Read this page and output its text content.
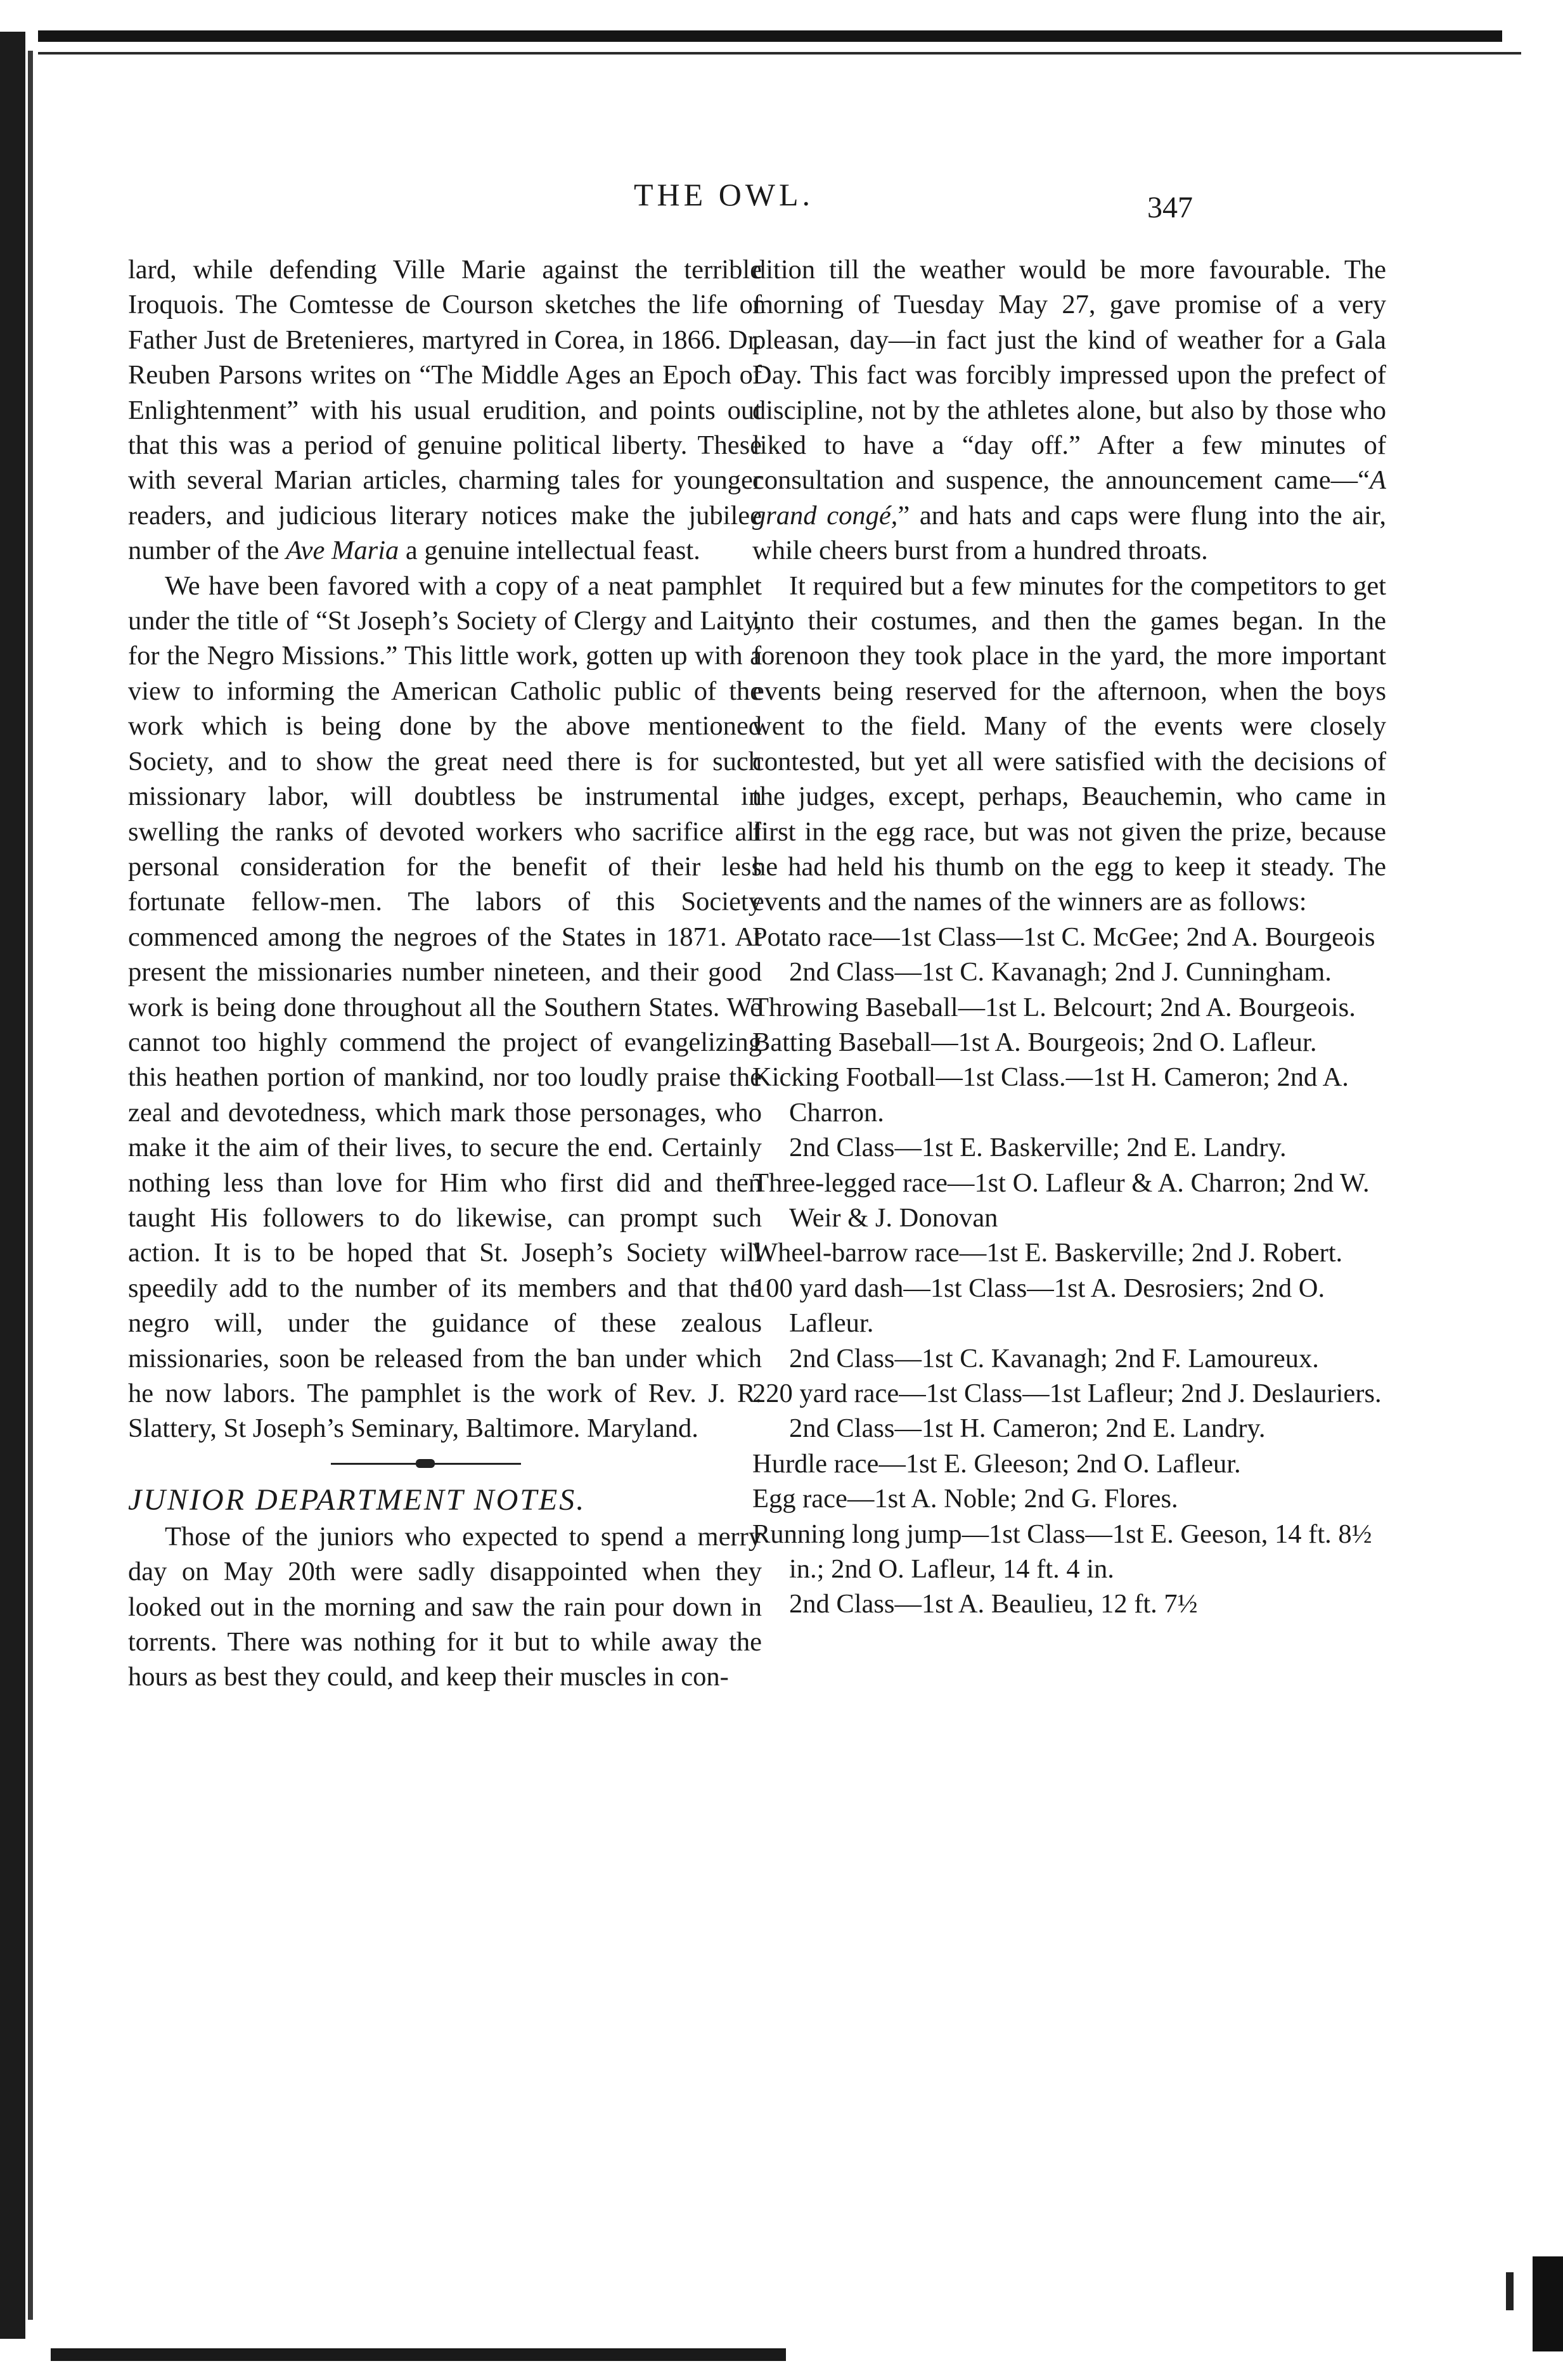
THE OWL.	347

lard, while defending Ville Marie against the terrible Iroquois. The Comtesse de Courson sketches the life of Father Just de Bretenieres, martyred in Corea, in 1866. Dr. Reuben Parsons writes on “The Middle Ages an Epoch of Enlightenment” with his usual erudition, and points out that this was a period of genuine political liberty. These with several Marian articles, charming tales for younger readers, and judicious literary notices make the jubilee number of the Ave Maria a genuine intellectual feast.

We have been favored with a copy of a neat pamphlet under the title of “St Joseph’s Society of Clergy and Laity, for the Negro Missions.” This little work, gotten up with a view to informing the American Catholic public of the work which is being done by the above mentioned Society, and to show the great need there is for such missionary labor, will doubtless be instrumental in swelling the ranks of devoted workers who sacrifice all personal consideration for the benefit of their less fortunate fellow-men. The labors of this Society commenced among the negroes of the States in 1871. At present the missionaries number nineteen, and their good work is being done throughout all the Southern States. We cannot too highly commend the project of evangelizing this heathen portion of mankind, nor too loudly praise the zeal and devotedness, which mark those personages, who make it the aim of their lives, to secure the end. Certainly nothing less than love for Him who first did and then taught His followers to do likewise, can prompt such action. It is to be hoped that St. Joseph’s Society will speedily add to the number of its members and that the negro will, under the guidance of these zealous missionaries, soon be released from the ban under which he now labors. The pamphlet is the work of Rev. J. R. Slattery, St Joseph’s Seminary, Baltimore. Maryland.

JUNIOR DEPARTMENT NOTES.

Those of the juniors who expected to spend a merry day on May 20th were sadly disappointed when they looked out in the morning and saw the rain pour down in torrents. There was nothing for it but to while away the hours as best they could, and keep their muscles in con-

dition till the weather would be more favourable. The morning of Tuesday May 27, gave promise of a very pleasan, day—in fact just the kind of weather for a Gala Day. This fact was forcibly impressed upon the prefect of discipline, not by the athletes alone, but also by those who liked to have a “day off.” After a few minutes of consultation and suspence, the announcement came—“A grand congé,” and hats and caps were flung into the air, while cheers burst from a hundred throats.

It required but a few minutes for the competitors to get into their costumes, and then the games began. In the forenoon they took place in the yard, the more important events being reserved for the afternoon, when the boys went to the field. Many of the events were closely contested, but yet all were satisfied with the decisions of the judges, except, perhaps, Beauchemin, who came in first in the egg race, but was not given the prize, because he had held his thumb on the egg to keep it steady. The events and the names of the winners are as follows:

Potato race—1st Class—1st C. McGee; 2nd A. Bourgeois

2nd Class—1st C. Kavanagh; 2nd J. Cunningham.

Throwing Baseball—1st L. Belcourt; 2nd A. Bourgeois.

Batting Baseball—1st A. Bourgeois; 2nd O. Lafleur.

Kicking Football—1st Class.—1st H. Cameron; 2nd A. Charron.

2nd Class—1st E. Baskerville; 2nd E. Landry.

Three-legged race—1st O. Lafleur & A. Charron; 2nd W. Weir & J. Donovan

Wheel-barrow race—1st E. Baskerville; 2nd J. Robert.

100 yard dash—1st Class—1st A. Desrosiers; 2nd O. Lafleur.

2nd Class—1st C. Kavanagh; 2nd F. Lamoureux.

220 yard race—1st Class—1st Lafleur; 2nd J. Deslauriers.

2nd Class—1st H. Cameron; 2nd E. Landry.

Hurdle race—1st E. Gleeson; 2nd O. Lafleur.

Egg race—1st A. Noble; 2nd G. Flores.

Running long jump—1st Class—1st E. Geeson, 14 ft. 8½ in.; 2nd O. Lafleur, 14 ft. 4 in.

2nd Class—1st A. Beaulieu, 12 ft. 7½
